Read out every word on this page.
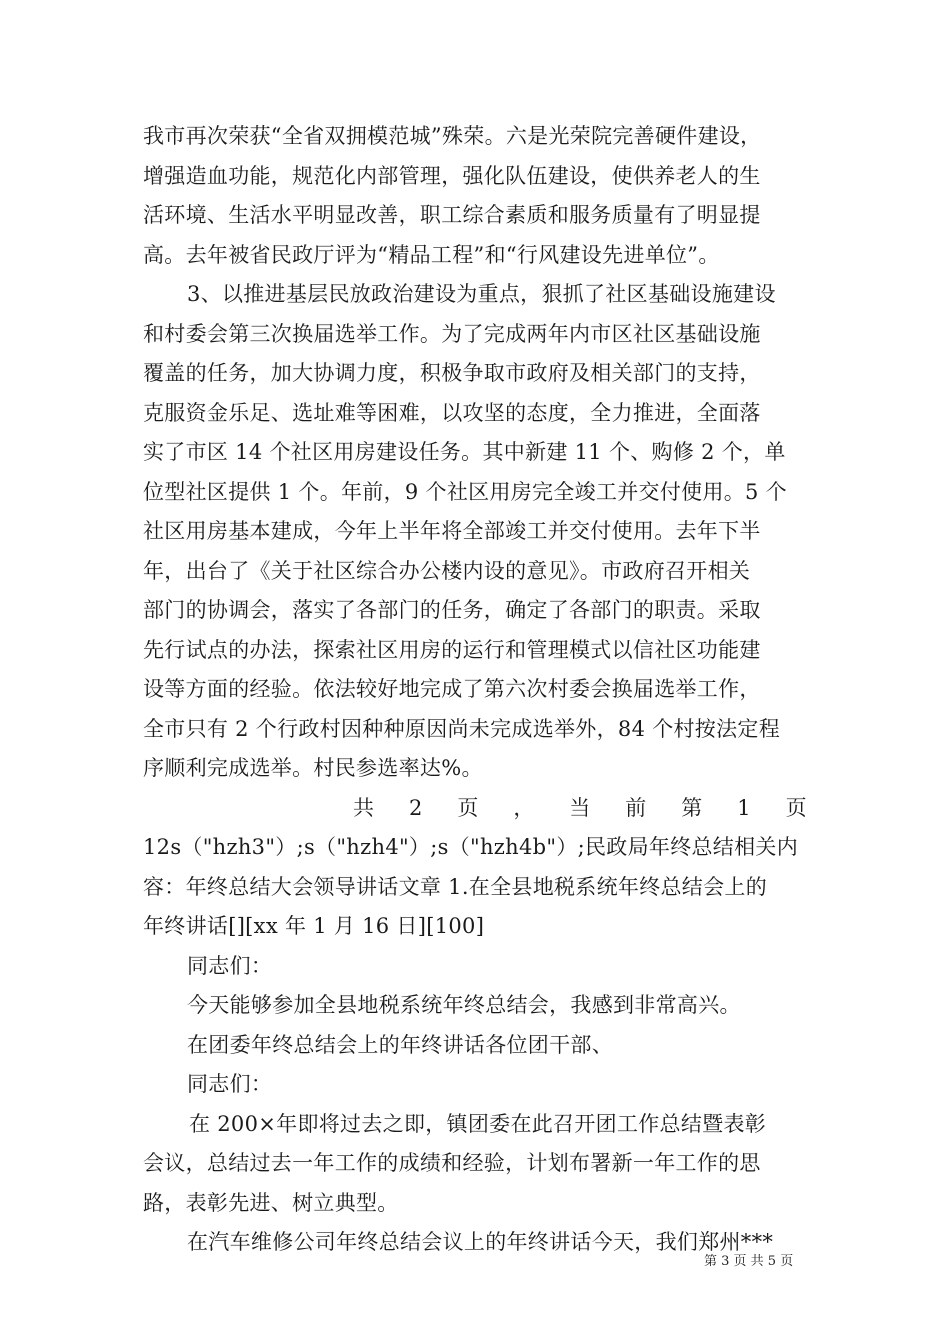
我市再次荣获“全省双拥模范城”殊荣。六是光荣院完善硬件建设，
增强造血功能，规范化内部管理，强化队伍建设，使供养老人的生
活环境、生活水平明显改善，职工综合素质和服务质量有了明显提
高。去年被省民政厅评为“精品工程”和“行风建设先进单位”。
3、以推进基层民放政治建设为重点，狠抓了社区基础设施建设
和村委会第三次换届选举工作。为了完成两年内市区社区基础设施
覆盖的任务，加大协调力度，积极争取市政府及相关部门的支持，
克服资金乐足、选址难等困难，以攻坚的态度，全力推进，全面落
实了市区 14 个社区用房建设任务。其中新建 11 个、购修 2 个，单
位型社区提供 1 个。年前，9 个社区用房完全竣工并交付使用。5 个
社区用房基本建成，今年上半年将全部竣工并交付使用。去年下半
年，出台了《关于社区综合办公楼内设的意见》。市政府召开相关
部门的协调会，落实了各部门的任务，确定了各部门的职责。采取
先行试点的办法，探索社区用房的运行和管理模式以信社区功能建
设等方面的经验。依法较好地完成了第六次村委会换届选举工作，
全市只有 2 个行政村因种种原因尚未完成选举外，84 个村按法定程
序顺利完成选举。村民参选率达%。
共 2 页 ， 当 前 第 1 页
12s（"hzh3"）;s（"hzh4"）;s（"hzh4b"）;民政局年终总结相关内
容：年终总结大会领导讲话文章 1.在全县地税系统年终总结会上的
年终讲话[][xx 年 1 月 16 日][100]
同志们：
今天能够参加全县地税系统年终总结会，我感到非常高兴。
在团委年终总结会上的年终讲话各位团干部、
同志们：
在 200×年即将过去之即，镇团委在此召开团工作总结暨表彰
会议，总结过去一年工作的成绩和经验，计划布署新一年工作的思
路，表彰先进、树立典型。
在汽车维修公司年终总结会议上的年终讲话今天，我们郑州***
第 3 页 共 5 页
